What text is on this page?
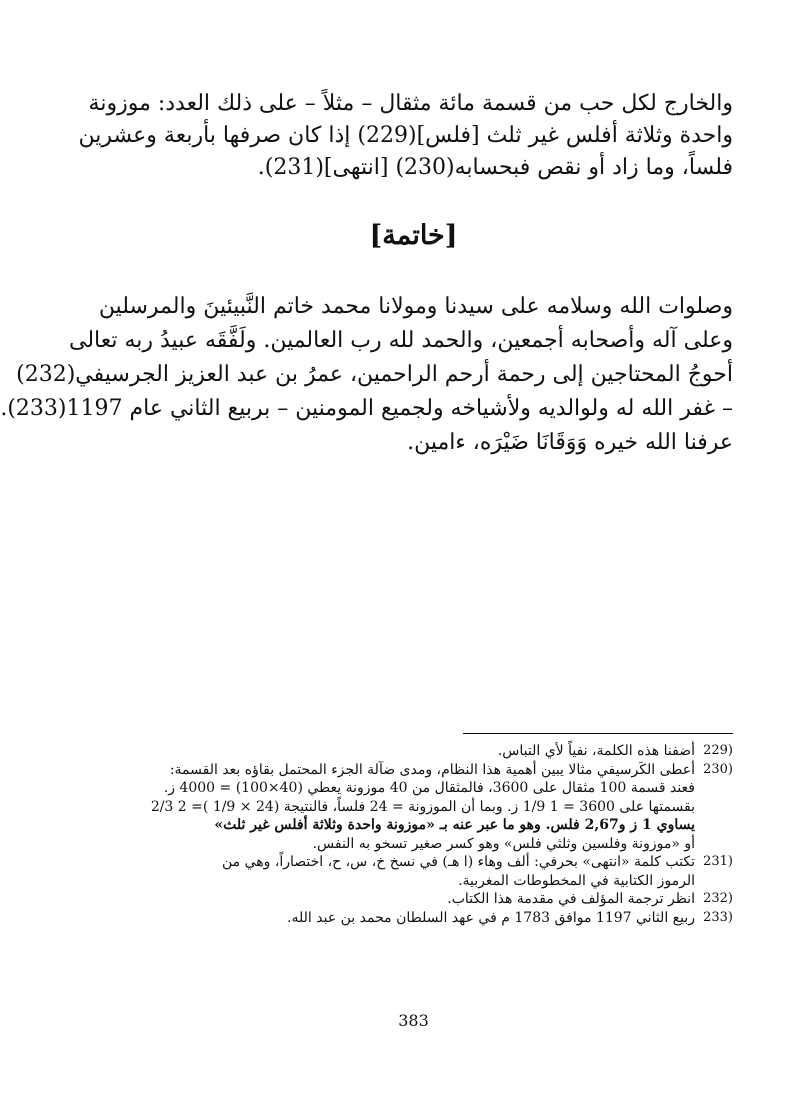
والخارج لكل حب من قسمة مائة مثقال – مثلاً – على ذلك العدد: موزونة
واحدة وثلاثة أفلس غير ثلث [فلس](229) إذا كان صرفها بأربعة وعشرين
فلساً، وما زاد أو نقص فبحسابه(230) [انتهى](231).
[خاتمة]
وصلوات الله وسلامه على سيدنا ومولانا محمد خاتم النَّبيئينَ والمرسلين
وعلى آله وأصحابه أجمعين، والحمد لله رب العالمين. ولَفَّقَه عبيدُ ربه تعالى
أحوجُ المحتاجين إلى رحمة أرحم الراحمين، عمرُ بن عبد العزيز الجرسيفي(232)
– غفر الله له ولوالديه ولأشياخه ولجميع المومنين – بربيع الثاني عام 1197(233).
عرفنا الله خيره وَوَقَانَا ضَيْرَه، ءامين.
(229
أضفنا هذه الكلمة، نفياً لأي التباس.
(230
أعطى الكَرسيفي مثالا يبين أهمية هذا النظام، ومدى ضآلة الجزء المحتمل بقاؤه بعد القسمة:
فعند قسمة 100 مثقال على 3600، فالمثقال من 40 موزونة يعطي (40×100) = 4000 ز.
بقسمتها على 3600 = 1 1/9 ز. وبما أن الموزونة = 24 فلساً، فالنتيجة (24 × 1/9 )= 2 2/3
يساوي 1 ز و2,67 فلس. وهو ما عبر عنه بـ «موزونة واحدة وثلاثة أفلس غير ثلث»
أو «موزونة وفلسين وثلثي فلس» وهو كسر صغير تسخو به النفس.
(231
تكتب كلمة «انتهى» بحرفي: ألف وهاء (ا هـ) في نسخ خ، س، ح، اختصاراً، وهي من
الرموز الكتابية في المخطوطات المغربية.
(232
انظر ترجمة المؤلف في مقدمة هذا الكتاب.
(233
ربيع الثاني 1197 موافق 1783 م في عهد السلطان محمد بن عبد الله.
383
